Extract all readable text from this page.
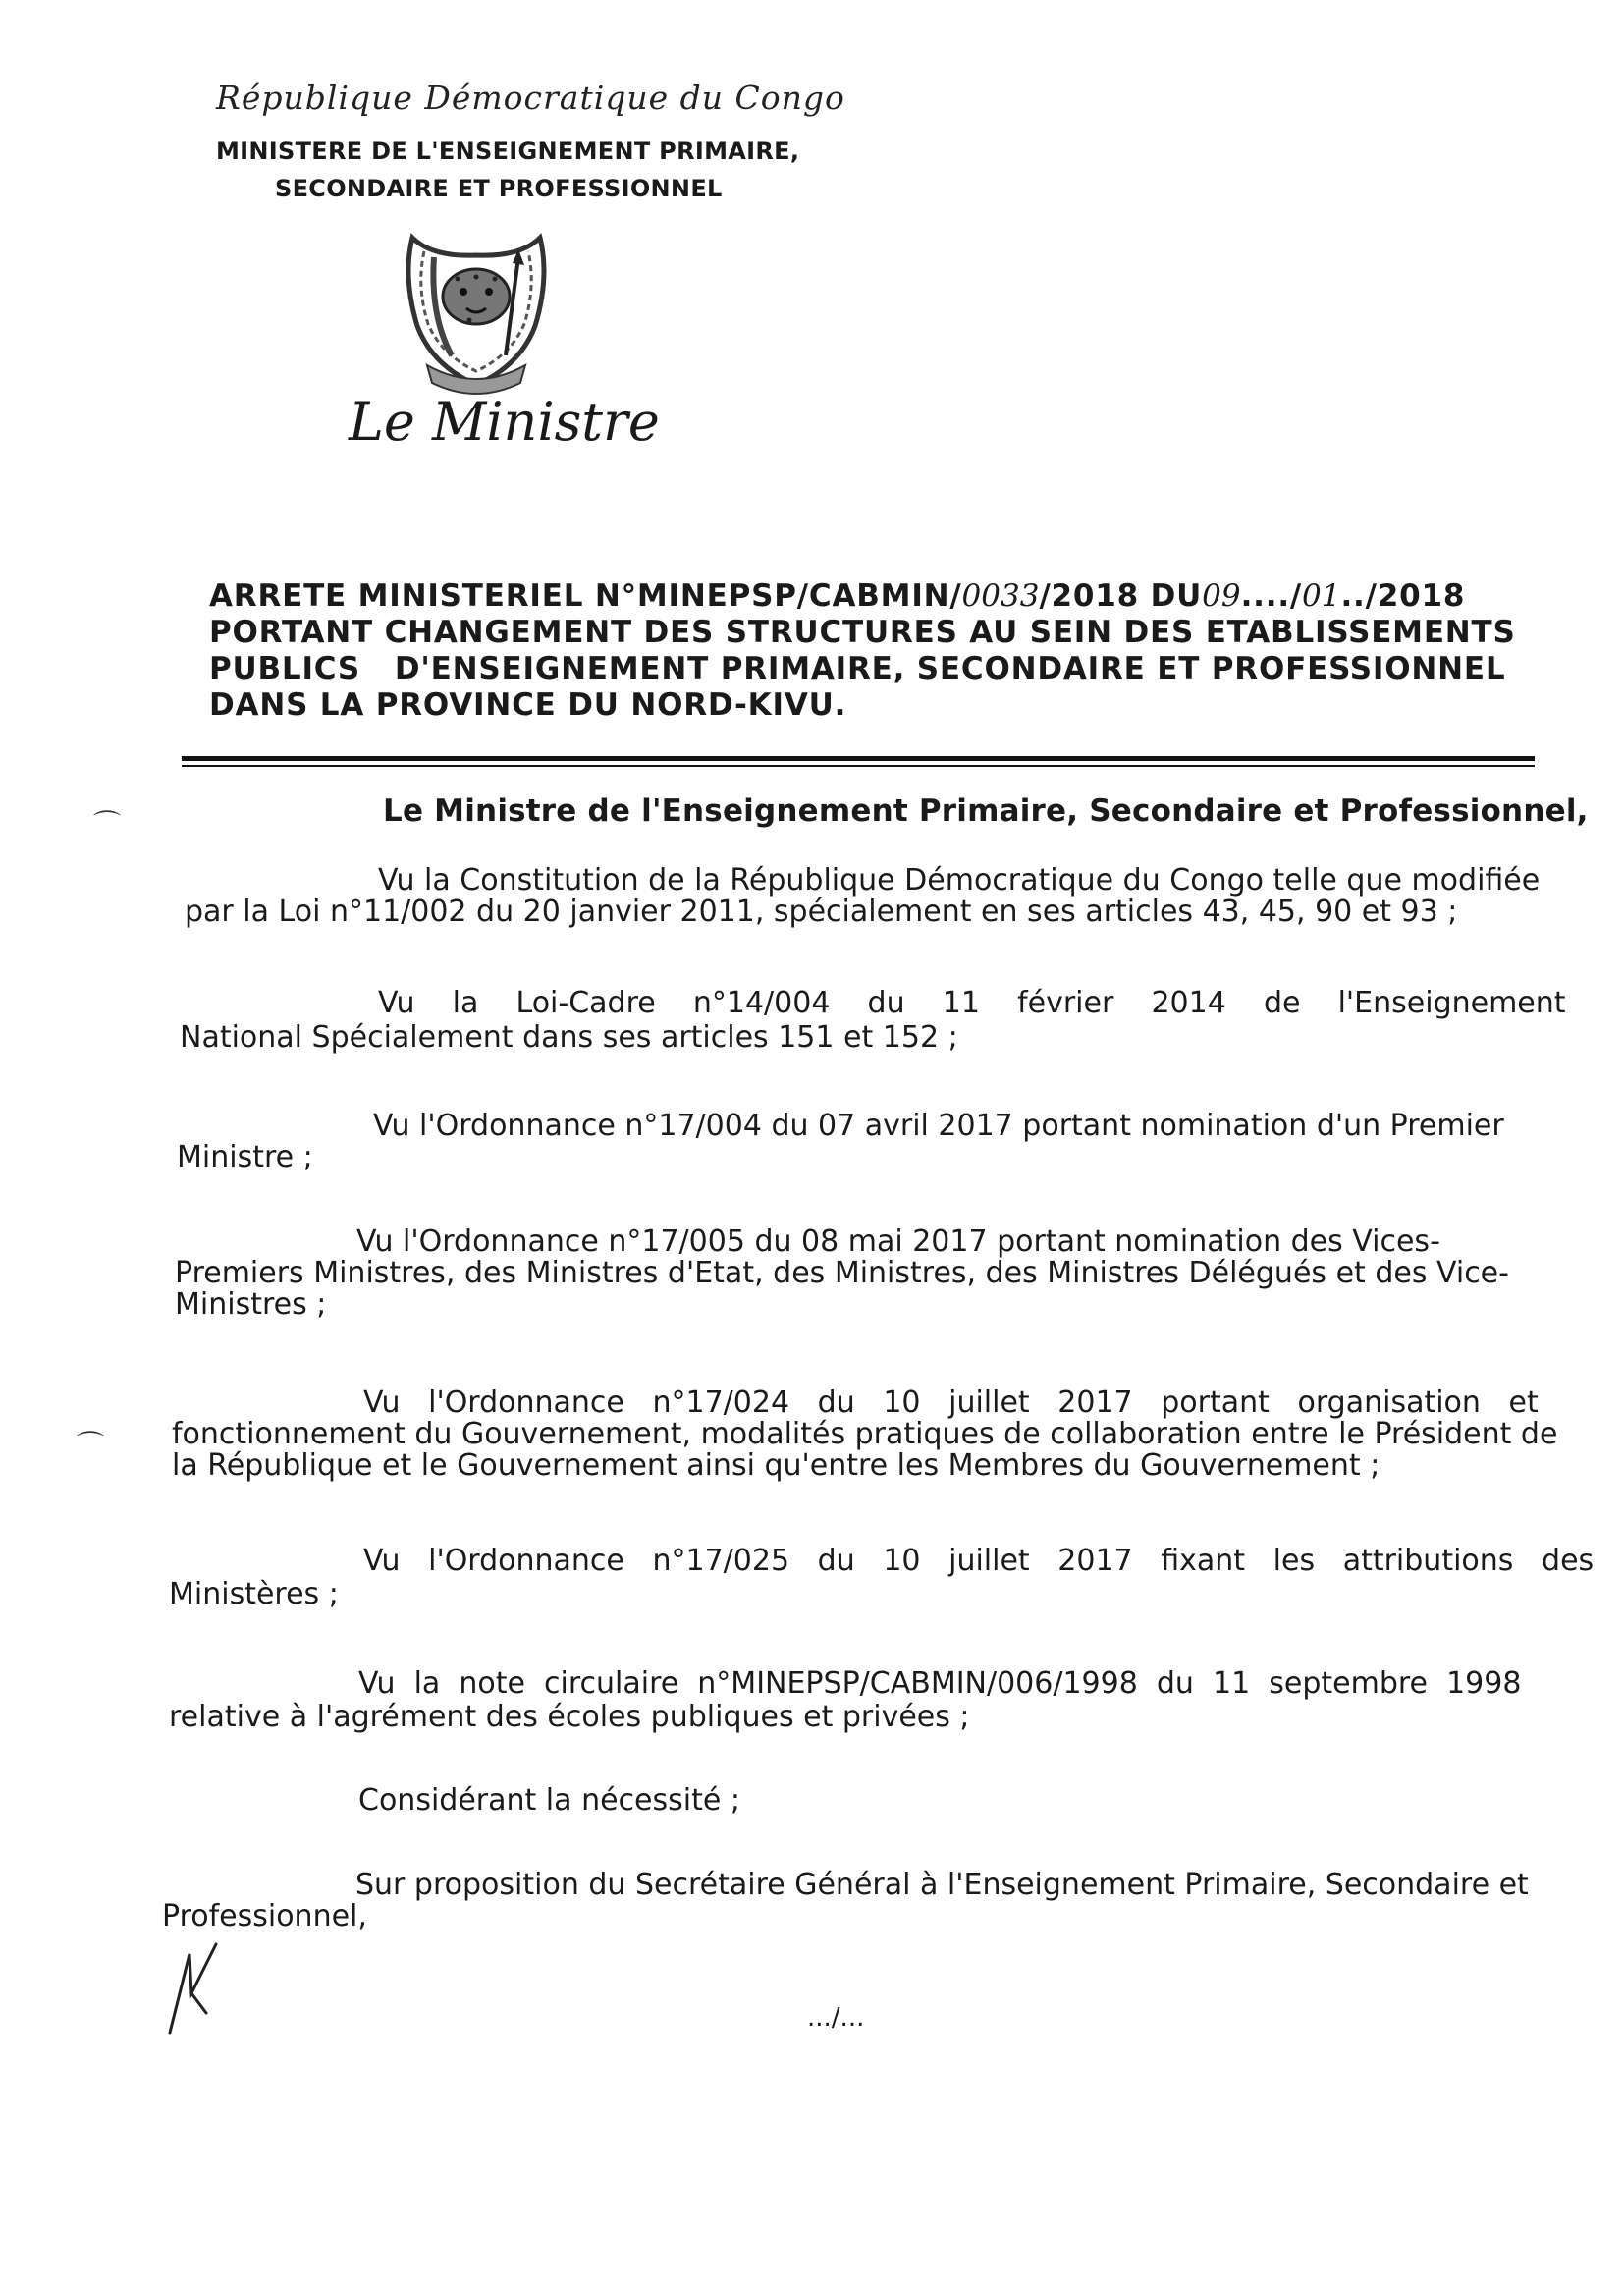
République Démocratique du Congo
MINISTERE DE L'ENSEIGNEMENT PRIMAIRE,
SECONDAIRE ET PROFESSIONNEL
Le Ministre
ARRETE MINISTERIEL N°MINEPSP/CABMIN/0033/2018 DU09..../01../2018
PORTANT CHANGEMENT DES STRUCTURES AU SEIN DES ETABLISSEMENTS
PUBLICS   D'ENSEIGNEMENT PRIMAIRE, SECONDAIRE ET PROFESSIONNEL
DANS LA PROVINCE DU NORD-KIVU.
Le Ministre de l'Enseignement Primaire, Secondaire et Professionnel,
⌒
⌒
Vu la Constitution de la République Démocratique du Congo telle que modifiée
par la Loi n°11/002 du 20 janvier 2011, spécialement en ses articles 43, 45, 90 et 93 ;
Vu    la    Loi-Cadre    n°14/004    du    11    février    2014    de    l'Enseignement
National Spécialement dans ses articles 151 et 152 ;
Vu l'Ordonnance n°17/004 du 07 avril 2017 portant nomination d'un Premier
Ministre ;
Vu l'Ordonnance n°17/005 du 08 mai 2017 portant nomination des Vices-
Premiers Ministres, des Ministres d'Etat, des Ministres, des Ministres Délégués et des Vice-
Ministres ;
Vu   l'Ordonnance   n°17/024   du   10   juillet   2017   portant   organisation   et
fonctionnement du Gouvernement, modalités pratiques de collaboration entre le Président de
la République et le Gouvernement ainsi qu'entre les Membres du Gouvernement ;
Vu   l'Ordonnance   n°17/025   du   10   juillet   2017   fixant   les   attributions   des
Ministères ;
Vu  la  note  circulaire  n°MINEPSP/CABMIN/006/1998  du  11  septembre  1998
relative à l'agrément des écoles publiques et privées ;
Considérant la nécessité ;
Sur proposition du Secrétaire Général à l'Enseignement Primaire, Secondaire et
Professionnel,
.../...
